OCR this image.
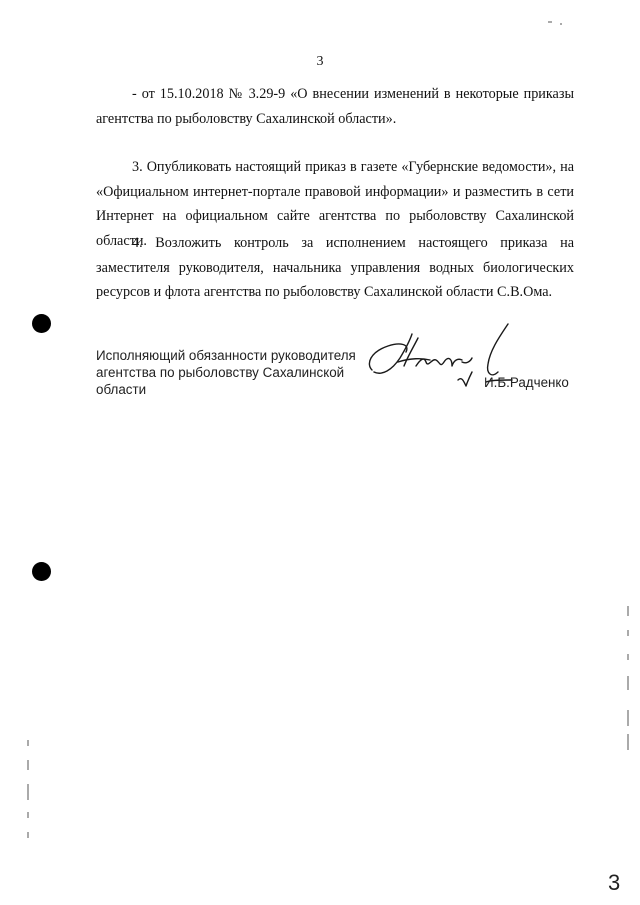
3

- от 15.10.2018 № 3.29-9 «О внесении изменений в некоторые приказы агентства по рыболовству Сахалинской области».

3. Опубликовать настоящий приказ в газете «Губернские ведомости», на «Официальном интернет-портале правовой информации» и разместить в сети Интернет на официальном сайте агентства по рыболовству Сахалинской области.

4. Возложить контроль за исполнением настоящего приказа на заместителя руководителя, начальника управления водных биологических ресурсов и флота агентства по рыболовству Сахалинской области С.В.Ома.

Исполняющий обязанности руководителя
агентства по рыболовству Сахалинской
области	И.Б.Радченко
3
